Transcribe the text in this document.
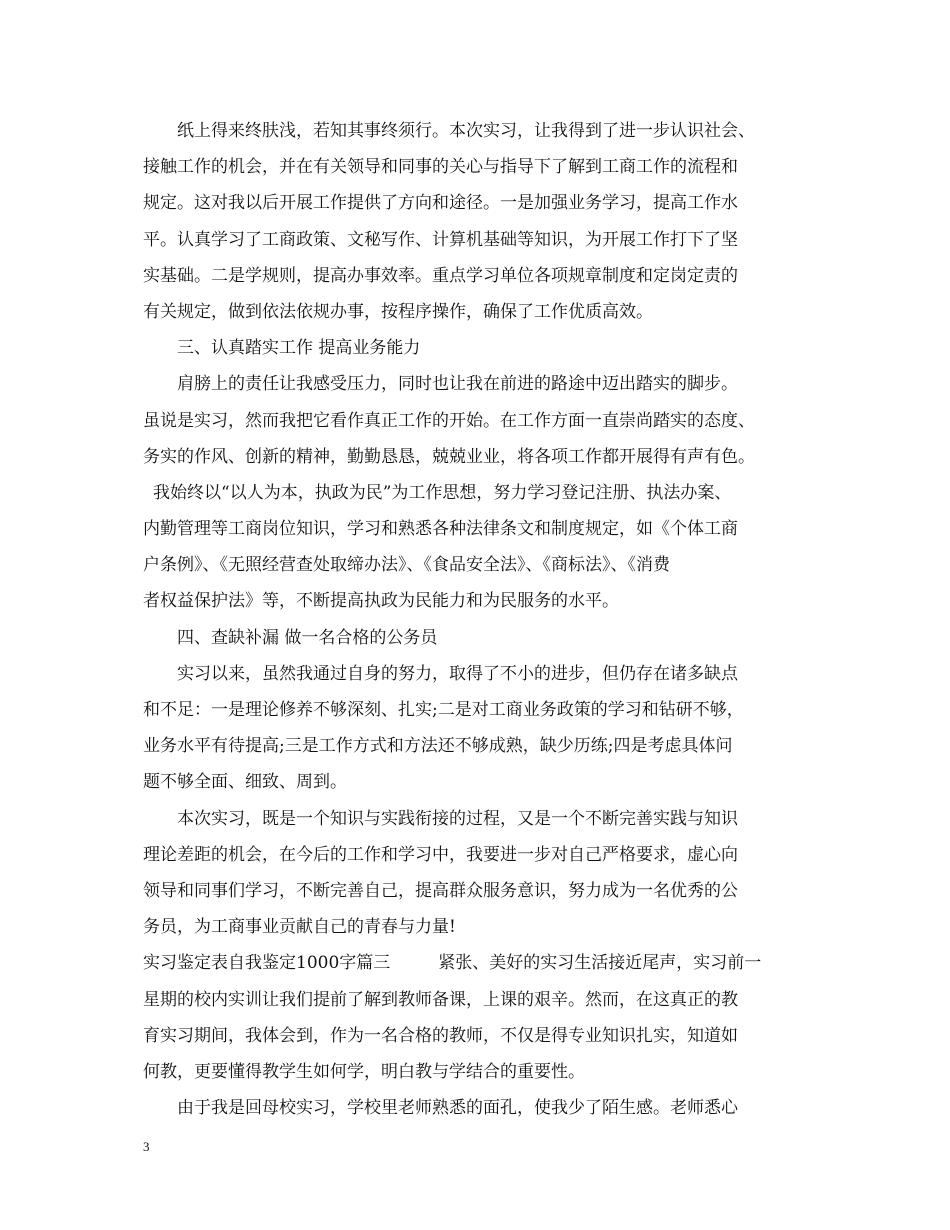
纸上得来终肤浅，若知其事终须行。本次实习，让我得到了进一步认识社会、
接触工作的机会，并在有关领导和同事的关心与指导下了解到工商工作的流程和
规定。这对我以后开展工作提供了方向和途径。一是加强业务学习，提高工作水
平。认真学习了工商政策、文秘写作、计算机基础等知识，为开展工作打下了坚
实基础。二是学规则，提高办事效率。重点学习单位各项规章制度和定岗定责的
有关规定，做到依法依规办事，按程序操作，确保了工作优质高效。
三、认真踏实工作 提高业务能力
肩膀上的责任让我感受压力，同时也让我在前进的路途中迈出踏实的脚步。
虽说是实习，然而我把它看作真正工作的开始。在工作方面一直崇尚踏实的态度、
务实的作风、创新的精神，勤勤恳恳，兢兢业业，将各项工作都开展得有声有色。
我始终以“以人为本，执政为民”为工作思想，努力学习登记注册、执法办案、
内勤管理等工商岗位知识，学习和熟悉各种法律条文和制度规定，如《个体工商
户条例》、《无照经营查处取缔办法》、《食品安全法》、《商标法》、《消费
者权益保护法》等，不断提高执政为民能力和为民服务的水平。
四、查缺补漏 做一名合格的公务员
实习以来，虽然我通过自身的努力，取得了不小的进步，但仍存在诸多缺点
和不足：一是理论修养不够深刻、扎实;二是对工商业务政策的学习和钻研不够，
业务水平有待提高;三是工作方式和方法还不够成熟，缺少历练;四是考虑具体问
题不够全面、细致、周到。
本次实习，既是一个知识与实践衔接的过程，又是一个不断完善实践与知识
理论差距的机会，在今后的工作和学习中，我要进一步对自己严格要求，虚心向
领导和同事们学习，不断完善自己，提高群众服务意识，努力成为一名优秀的公
务员，为工商事业贡献自己的青春与力量!
实习鉴定表自我鉴定1000字篇三	紧张、美好的实习生活接近尾声，实习前一
星期的校内实训让我们提前了解到教师备课，上课的艰辛。然而，在这真正的教
育实习期间，我体会到，作为一名合格的教师，不仅是得专业知识扎实，知道如
何教，更要懂得教学生如何学，明白教与学结合的重要性。
由于我是回母校实习，学校里老师熟悉的面孔，使我少了陌生感。老师悉心
3
